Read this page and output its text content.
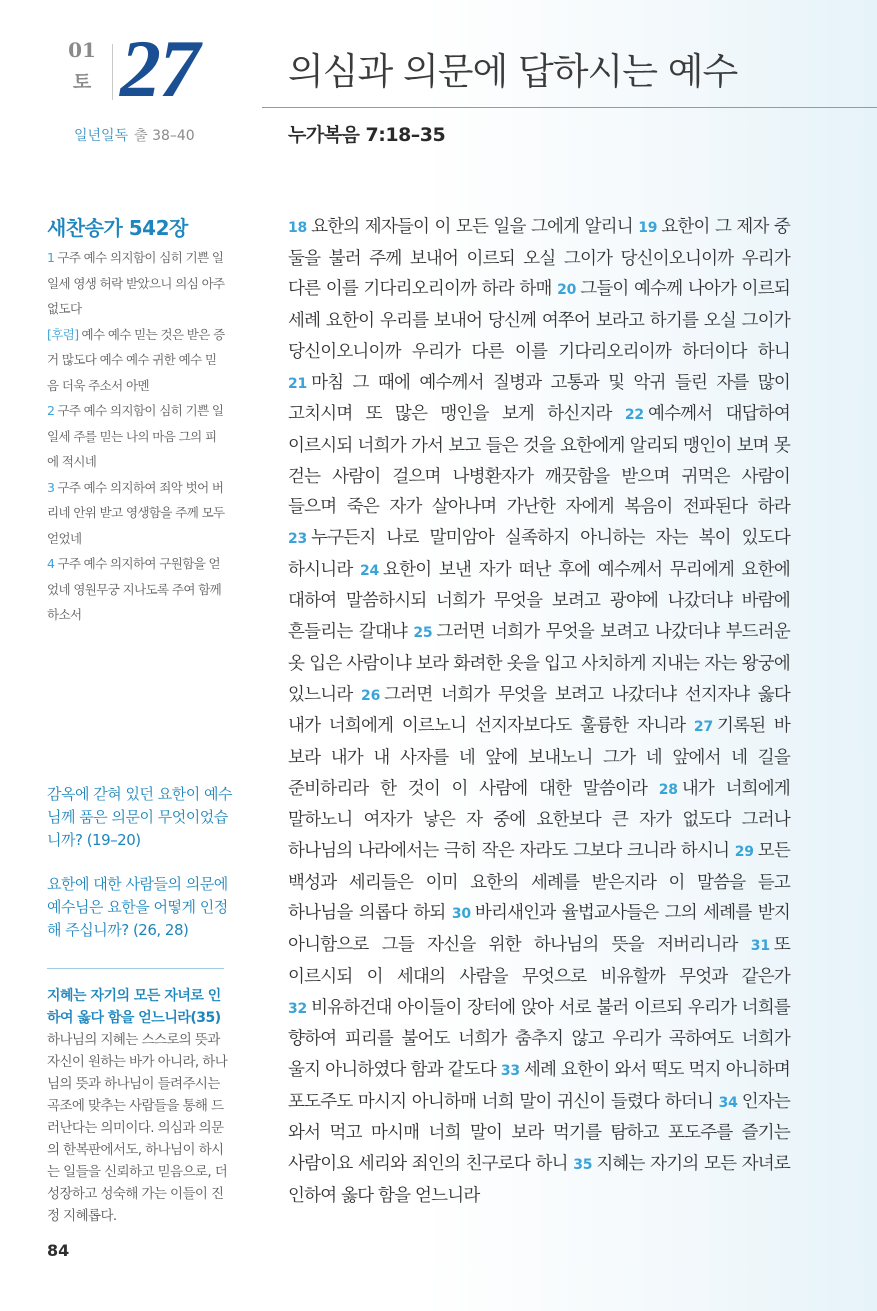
01
토 27 의심과 의문에 답하시는 예수
일년일독 출 38–40	누가복음 7:18–35
새찬송가 542장

1 구주 예수 의지함이 심히 기쁜 일일세 영생 허락 받았으니 의심 아주 없도다

[후렴] 예수 예수 믿는 것은 받은 증거 많도다 예수 예수 귀한 예수 믿음 더욱 주소서 아멘

2 구주 예수 의지함이 심히 기쁜 일일세 주를 믿는 나의 마음 그의 피에 적시네

3 구주 예수 의지하여 죄악 벗어 버리네 안위 받고 영생함을 주께 모두 얻었네

4 구주 예수 의지하여 구원함을 얻었네 영원무궁 지나도록 주여 함께하소서

감옥에 갇혀 있던 요한이 예수님께 품은 의문이 무엇이었습니까? (19–20)
요한에 대한 사람들의 의문에 예수님은 요한을 어떻게 인정해 주십니까? (26, 28)
지혜는 자기의 모든 자녀로 인하여 옳다 함을 얻느니라(35)
하나님의 지혜는 스스로의 뜻과 자신이 원하는 바가 아니라, 하나님의 뜻과 하나님이 들려주시는 곡조에 맞추는 사람들을 통해 드러난다는 의미이다. 의심과 의문의 한복판에서도, 하나님이 하시는 일들을 신뢰하고 믿음으로, 더 성장하고 성숙해 가는 이들이 진정 지혜롭다.
18 요한의 제자들이 이 모든 일을 그에게 알리니 19 요한이 그 제자 중 둘을 불러 주께 보내어 이르되 오실 그이가 당신이오니이까 우리가 다른 이를 기다리오리이까 하라 하매 20 그들이 예수께 나아가 이르되 세례 요한이 우리를 보내어 당신께 여쭈어 보라고 하기를 오실 그이가 당신이오니이까 우리가 다른 이를 기다리오리이까 하더이다 하니 21 마침 그 때에 예수께서 질병과 고통과 및 악귀 들린 자를 많이 고치시며 또 많은 맹인을 보게 하신지라 22 예수께서 대답하여 이르시되 너희가 가서 보고 들은 것을 요한에게 알리되 맹인이 보며 못 걷는 사람이 걸으며 나병환자가 깨끗함을 받으며 귀먹은 사람이 들으며 죽은 자가 살아나며 가난한 자에게 복음이 전파된다 하라 23 누구든지 나로 말미암아 실족하지 아니하는 자는 복이 있도다 하시니라 24 요한이 보낸 자가 떠난 후에 예수께서 무리에게 요한에 대하여 말씀하시되 너희가 무엇을 보려고 광야에 나갔더냐 바람에 흔들리는 갈대냐 25 그러면 너희가 무엇을 보려고 나갔더냐 부드러운 옷 입은 사람이냐 보라 화려한 옷을 입고 사치하게 지내는 자는 왕궁에 있느니라 26 그러면 너희가 무엇을 보려고 나갔더냐 선지자냐 옳다 내가 너희에게 이르노니 선지자보다도 훌륭한 자니라 27 기록된 바 보라 내가 내 사자를 네 앞에 보내노니 그가 네 앞에서 네 길을 준비하리라 한 것이 이 사람에 대한 말씀이라 28 내가 너희에게 말하노니 여자가 낳은 자 중에 요한보다 큰 자가 없도다 그러나 하나님의 나라에서는 극히 작은 자라도 그보다 크니라 하시니 29 모든 백성과 세리들은 이미 요한의 세례를 받은지라 이 말씀을 듣고 하나님을 의롭다 하되 30 바리새인과 율법교사들은 그의 세례를 받지 아니함으로 그들 자신을 위한 하나님의 뜻을 저버리니라 31 또 이르시되 이 세대의 사람을 무엇으로 비유할까 무엇과 같은가 32 비유하건대 아이들이 장터에 앉아 서로 불러 이르되 우리가 너희를 향하여 피리를 불어도 너희가 춤추지 않고 우리가 곡하여도 너희가 울지 아니하였다 함과 같도다 33 세례 요한이 와서 떡도 먹지 아니하며 포도주도 마시지 아니하매 너희 말이 귀신이 들렸다 하더니 34 인자는 와서 먹고 마시매 너희 말이 보라 먹기를 탐하고 포도주를 즐기는 사람이요 세리와 죄인의 친구로다 하니 35 지혜는 자기의 모든 자녀로 인하여 옳다 함을 얻느니라
84
